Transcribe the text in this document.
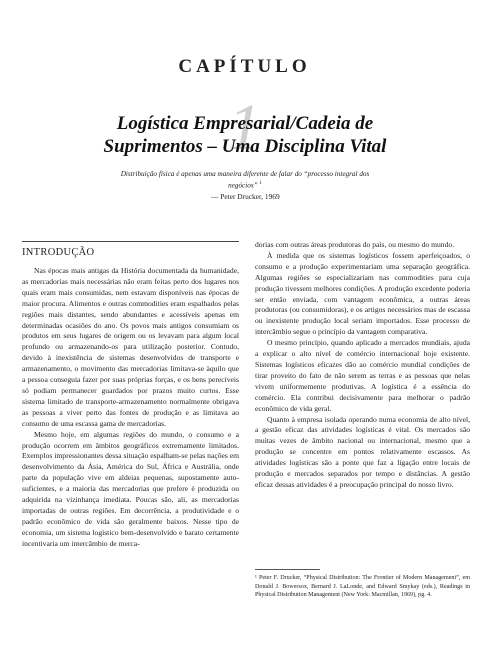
CAPÍTULO
1
Logística Empresarial/Cadeia de Suprimentos – Uma Disciplina Vital
Distribuição física é apenas uma maneira diferente de falar do “processo integral dos negócios” $^1$
— Peter Drucker, 1969
INTRODUÇÃO

Nas épocas mais antigas da História documentada da humanidade, as mercadorias mais necessárias não eram feitas perto dos lugares nos quais eram mais consumidas, nem estavam disponíveis nas épocas de maior procura. Alimentos e outras commodities eram espalhados pelas regiões mais distantes, sendo abundantes e acessíveis apenas em determinadas ocasiões do ano. Os povos mais antigos consumiam os produtos em seus lugares de origem ou os levavam para algum local profundo ou armazenando-os para utilização posterior. Contudo, devido à inexistência de sistemas desenvolvidos de transporte e armazenamento, o movimento das mercadorias limitava-se àquilo que a pessoa conseguia fazer por suas próprias forças, e os bens perecíveis só podiam permanecer guardados por prazos muito curtos. Esse sistema limitado de transporte-armazenamento normalmente obrigava as pessoas a viver perto das fontes de produção e as limitava ao consumo de uma escassa gama de mercadorias.

Mesmo hoje, em algumas regiões do mundo, o consumo e a produção ocorrem em âmbitos geográficos extremamente limitados. Exemplos impressionantes dessa situação espalham-se pelas nações em desenvolvimento da Ásia, América do Sul, África e Austrália, onde parte da população vive em aldeias pequenas, supostamente auto-suficientes, e a maioria das mercadorias que prefere é produzida ou adquirida na vizinhança imediata. Poucas são, ali, as mercadorias importadas de outras regiões. Em decorrência, a produtividade e o padrão econômico de vida são geralmente baixos. Nesse tipo de economia, um sistema logístico bem-desenvolvido e barato certamente incentivaria um intercâmbio de merca-

dorias com outras áreas produtoras do país, ou mesmo do mundo.

À medida que os sistemas logísticos fossem aperfeiçoados, o consumo e a produção experimentariam uma separação geográfica. Algumas regiões se especializariam nas commodities para cuja produção tivessem melhores condições. A produção excedente poderia ser então enviada, com vantagem econômica, a outras áreas produtoras (ou consumidoras), e os artigos necessários mas de escassa ou inexistente produção local seriam importados. Esse processo de intercâmbio segue o princípio da vantagem comparativa.

O mesmo princípio, quando aplicado a mercados mundiais, ajuda a explicar o alto nível de comércio internacional hoje existente. Sistemas logísticos eficazes dão ao comércio mundial condições de tirar proveito do fato de não serem as terras e as pessoas que nelas vivem uniformemente produtivas. A logística é a essência do comércio. Ela contribui decisivamente para melhorar o padrão econômico de vida geral.

Quanto à empresa isolada operando numa economia de alto nível, a gestão eficaz das atividades logísticas é vital. Os mercados são muitas vezes de âmbito nacional ou internacional, mesmo que a produção se concentre em pontos relativamente escassos. As atividades logísticas são a ponte que faz a ligação entre locais de produção e mercados separados por tempo e distâncias. A gestão eficaz dessas atividades é a preocupação principal do nosso livro.

¹ Peter F. Drucker, “Physical Distribution: The Frontier of Modern Management”, em Donald J. Bowersox, Bernard J. LaLonde, and Edward Smykay (eds.), Readings in Physical Distribution Management (New York: Macmillan, 1969), pg. 4.
